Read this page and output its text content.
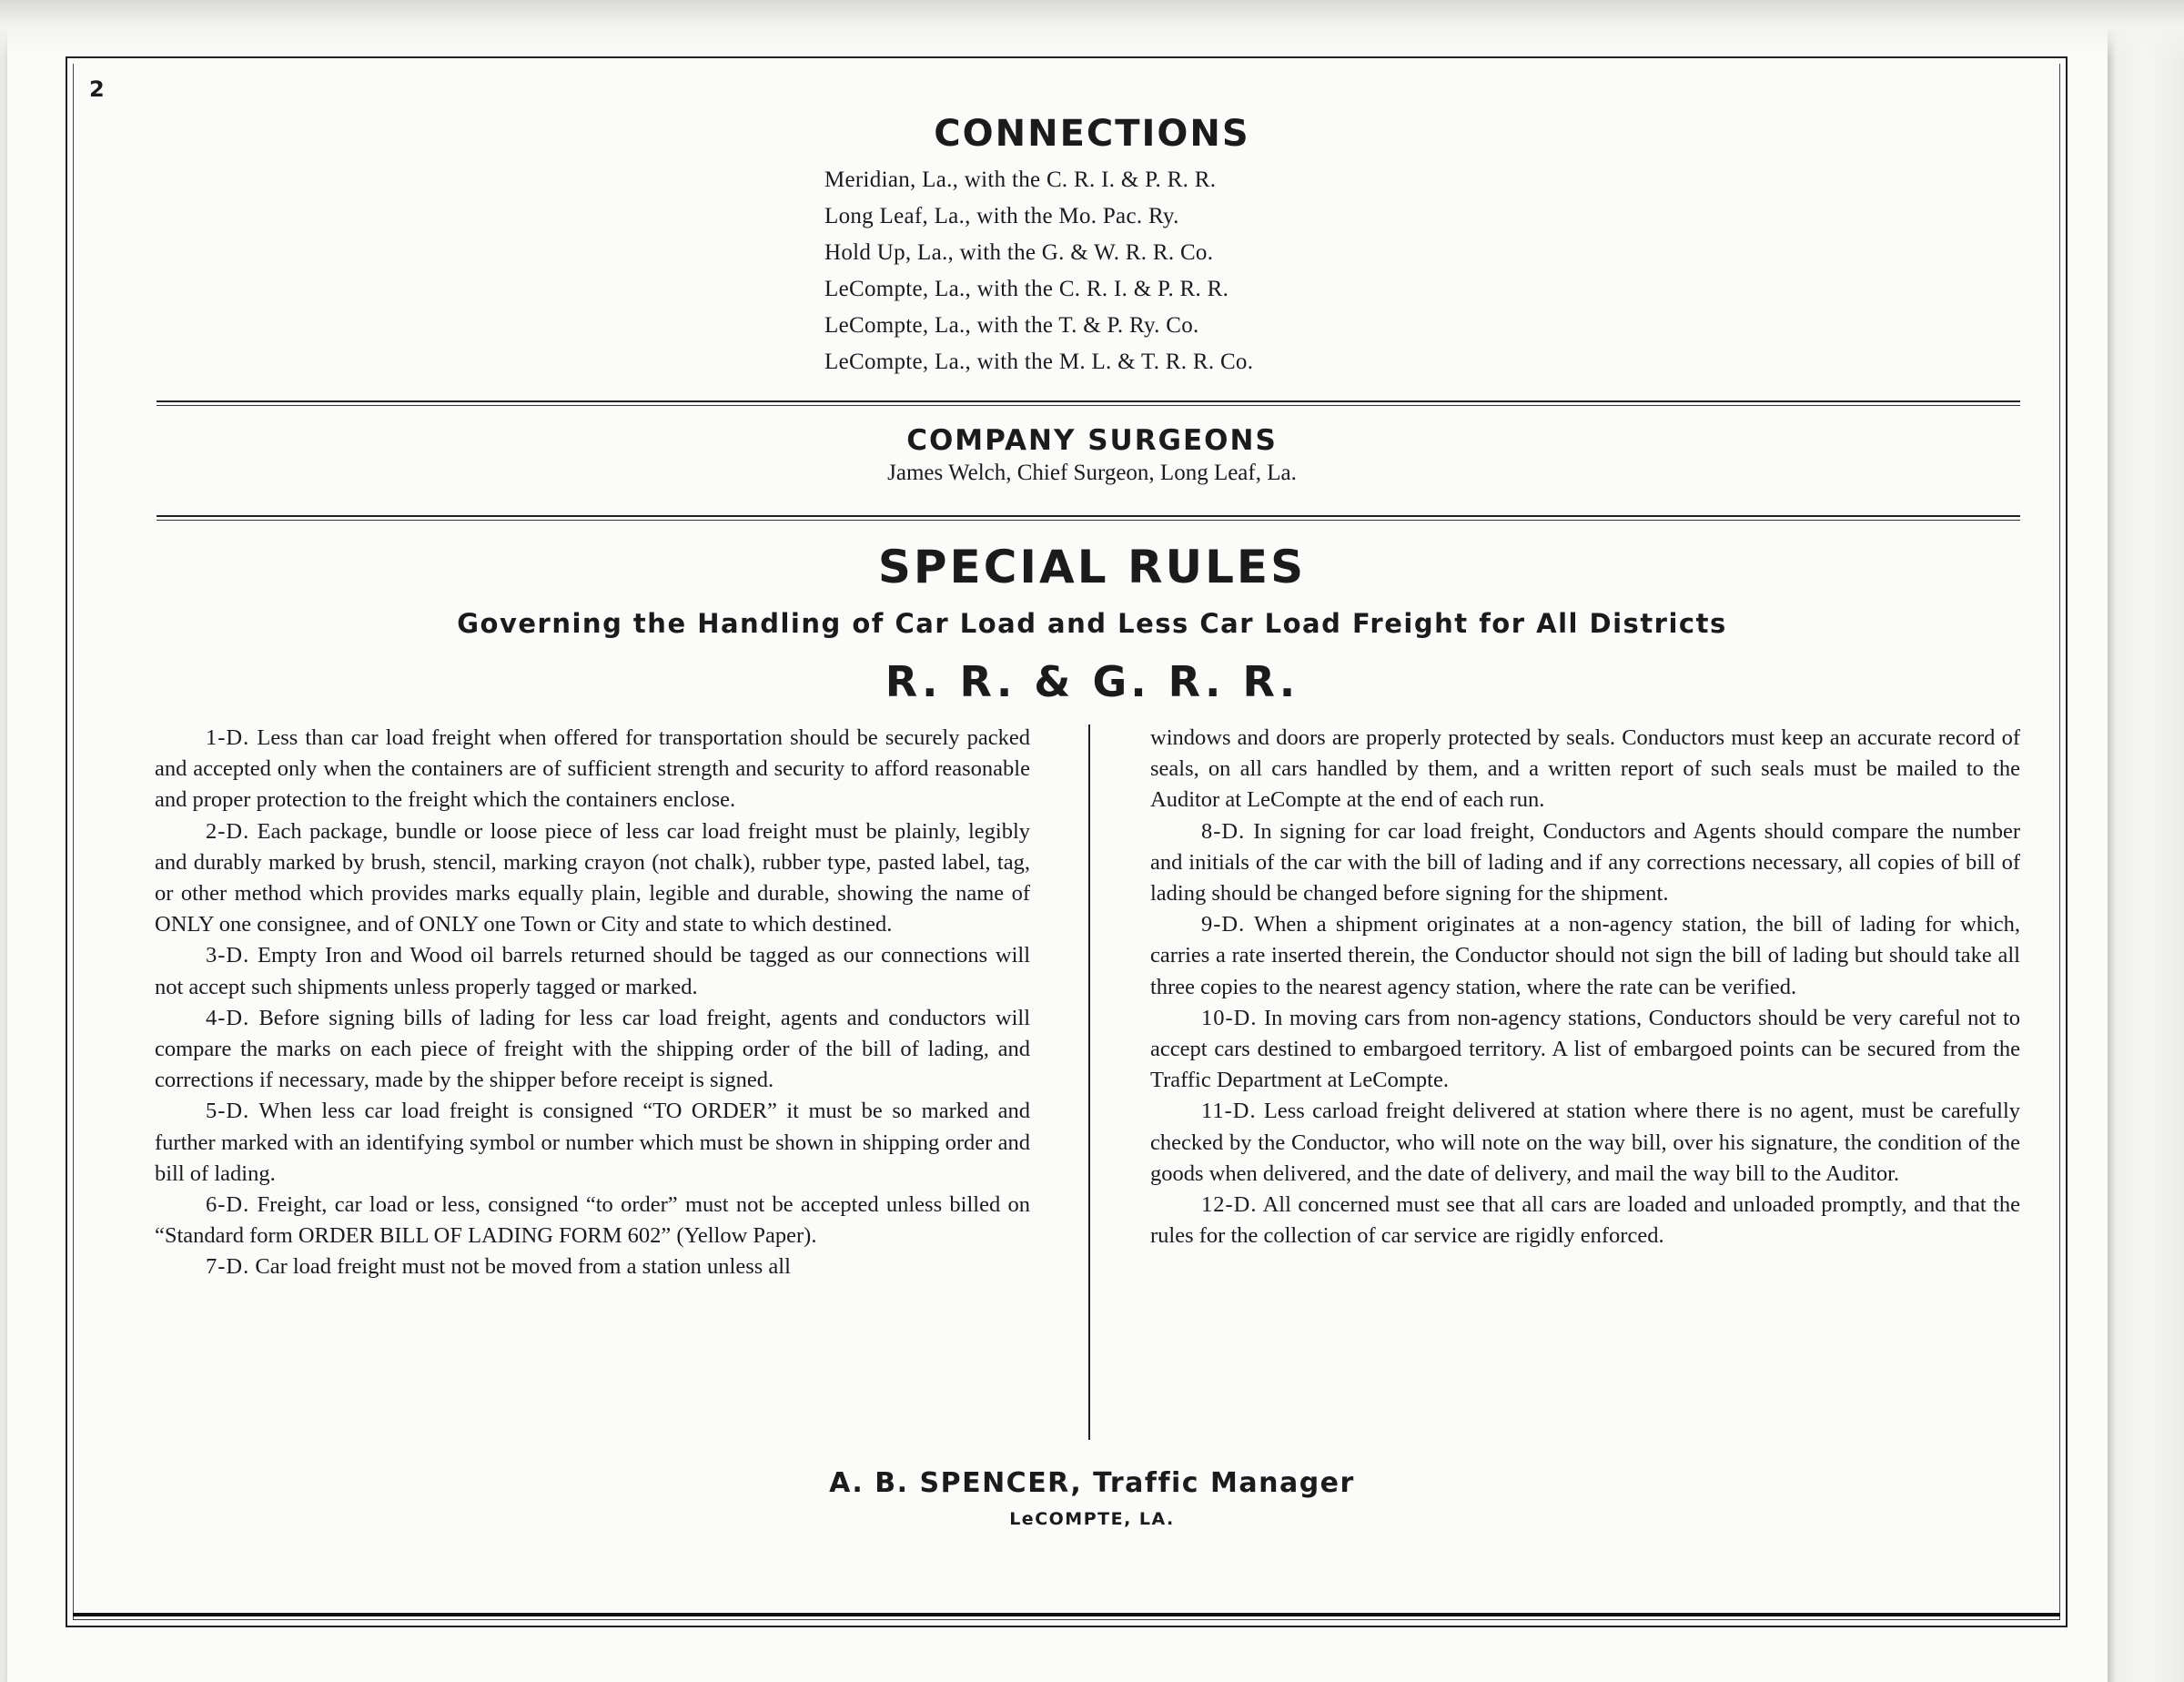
2
CONNECTIONS
Meridian, La., with the C. R. I. & P. R. R.
Long Leaf, La., with the Mo. Pac. Ry.
Hold Up, La., with the G. & W. R. R. Co.
LeCompte, La., with the C. R. I. & P. R. R.
LeCompte, La., with the T. & P. Ry. Co.
LeCompte, La., with the M. L. & T. R. R. Co.
COMPANY SURGEONS
James Welch, Chief Surgeon, Long Leaf, La.
SPECIAL RULES
Governing the Handling of Car Load and Less Car Load Freight for All Districts
R. R. & G. R. R.

1-D. Less than car load freight when offered for transportation should be securely packed and accepted only when the containers are of sufficient strength and security to afford reasonable and proper protection to the freight which the containers enclose.

2-D. Each package, bundle or loose piece of less car load freight must be plainly, legibly and durably marked by brush, stencil, marking crayon (not chalk), rubber type, pasted label, tag, or other method which provides marks equally plain, legible and durable, showing the name of ONLY one consignee, and of ONLY one Town or City and state to which destined.

3-D. Empty Iron and Wood oil barrels returned should be tagged as our connections will not accept such shipments unless properly tagged or marked.

4-D. Before signing bills of lading for less car load freight, agents and conductors will compare the marks on each piece of freight with the shipping order of the bill of lading, and corrections if necessary, made by the shipper before receipt is signed.

5-D. When less car load freight is consigned “TO ORDER” it must be so marked and further marked with an identifying symbol or number which must be shown in shipping order and bill of lading.

6-D. Freight, car load or less, consigned “to order” must not be accepted unless billed on “Standard form ORDER BILL OF LADING FORM 602” (Yellow Paper).

7-D. Car load freight must not be moved from a station unless all

windows and doors are properly protected by seals. Conductors must keep an accurate record of seals, on all cars handled by them, and a written report of such seals must be mailed to the Auditor at LeCompte at the end of each run.

8-D. In signing for car load freight, Conductors and Agents should compare the number and initials of the car with the bill of lading and if any corrections necessary, all copies of bill of lading should be changed before signing for the shipment.

9-D. When a shipment originates at a non-agency station, the bill of lading for which, carries a rate inserted therein, the Conductor should not sign the bill of lading but should take all three copies to the nearest agency station, where the rate can be verified.

10-D. In moving cars from non-agency stations, Conductors should be very careful not to accept cars destined to embargoed territory. A list of embargoed points can be secured from the Traffic Department at LeCompte.

11-D. Less carload freight delivered at station where there is no agent, must be carefully checked by the Conductor, who will note on the way bill, over his signature, the condition of the goods when delivered, and the date of delivery, and mail the way bill to the Auditor.

12-D. All concerned must see that all cars are loaded and unloaded promptly, and that the rules for the collection of car service are rigidly enforced.

A. B. SPENCER, Traffic Manager
LeCOMPTE, LA.
